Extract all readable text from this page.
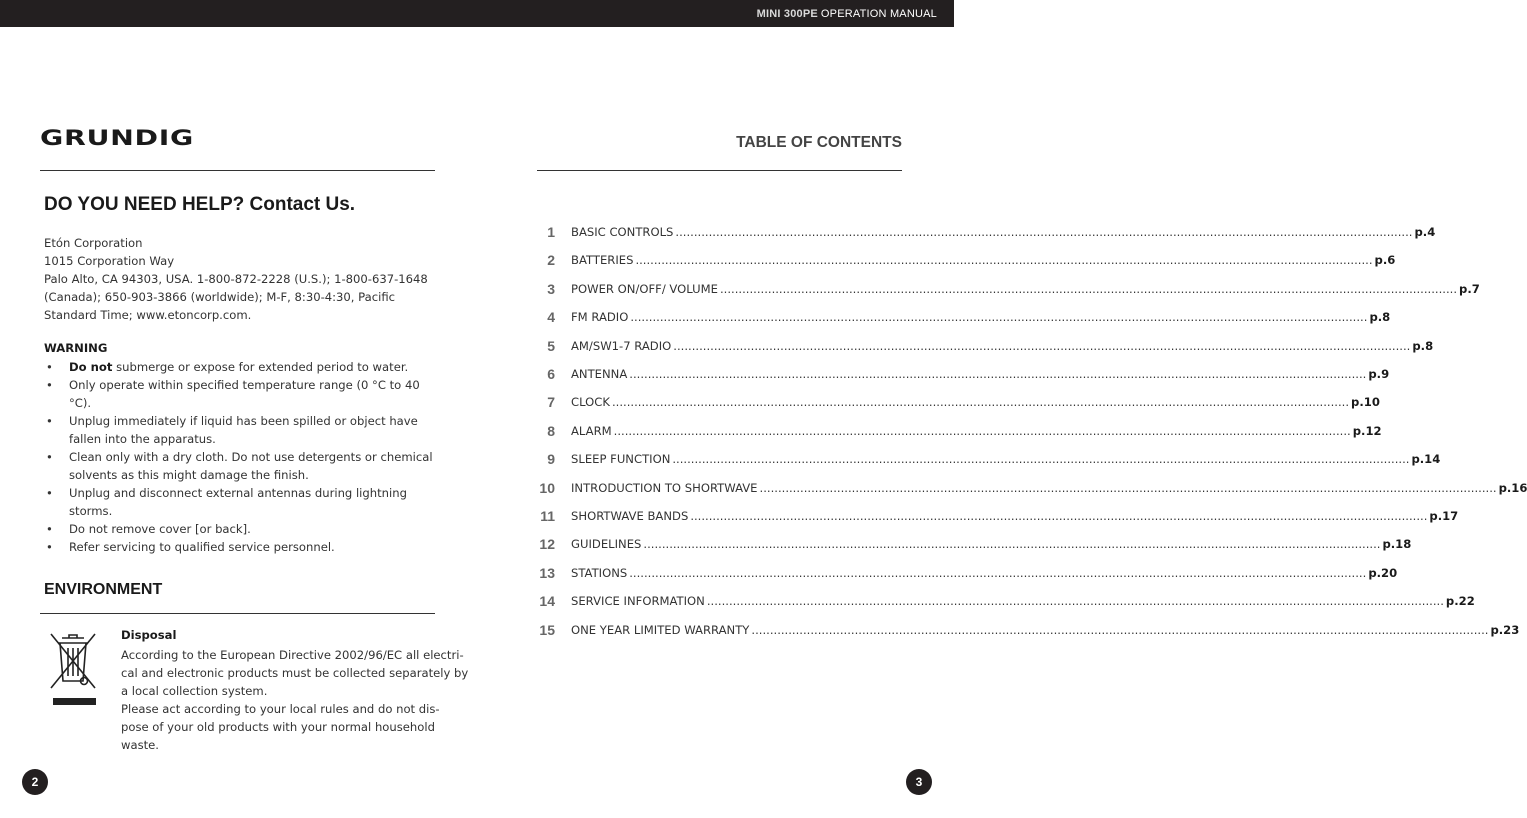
MINI 300PE OPERATION MANUAL
GRUNDIG
DO YOU NEED HELP? Contact Us.
Etón Corporation
1015 Corporation Way
Palo Alto, CA 94303, USA. 1-800-872-2228 (U.S.); 1-800-637-1648
(Canada); 650-903-3866 (worldwide); M-F, 8:30-4:30, Pacific
Standard Time; www.etoncorp.com.
WARNING
• Do not submerge or expose for extended period to water.
• Only operate within specified temperature range (0 °C to 40 °C).
• Unplug immediately if liquid has been spilled or object have fallen into the apparatus.
• Clean only with a dry cloth. Do not use detergents or chemical solvents as this might damage the finish.
• Unplug and disconnect external antennas during lightning storms.
• Do not remove cover [or back].
• Refer servicing to qualified service personnel.
ENVIRONMENT
Disposal
According to the European Directive 2002/96/EC all electri-
cal and electronic products must be collected separately by
a local collection system.
Please act according to your local rules and do not dis-
pose of your old products with your normal household
waste.
2	3
TABLE OF CONTENTS
1 BASIC CONTROLS ........................................................................................................................................................................................................ p.4
2 BATTERIES ........................................................................................................................................................................................................ p.6
3 POWER ON/OFF/ VOLUME ........................................................................................................................................................................................................ p.7
4 FM RADIO ........................................................................................................................................................................................................ p.8
5 AM/SW1-7 RADIO ........................................................................................................................................................................................................ p.8
6 ANTENNA ........................................................................................................................................................................................................ p.9
7 CLOCK ........................................................................................................................................................................................................ p.10
8 ALARM ........................................................................................................................................................................................................ p.12
9 SLEEP FUNCTION ........................................................................................................................................................................................................ p.14
10 INTRODUCTION TO SHORTWAVE ........................................................................................................................................................................................................ p.16
11 SHORTWAVE BANDS ........................................................................................................................................................................................................ p.17
12 GUIDELINES ........................................................................................................................................................................................................ p.18
13 STATIONS ........................................................................................................................................................................................................ p.20
14 SERVICE INFORMATION ........................................................................................................................................................................................................ p.22
15 ONE YEAR LIMITED WARRANTY ........................................................................................................................................................................................................ p.23
